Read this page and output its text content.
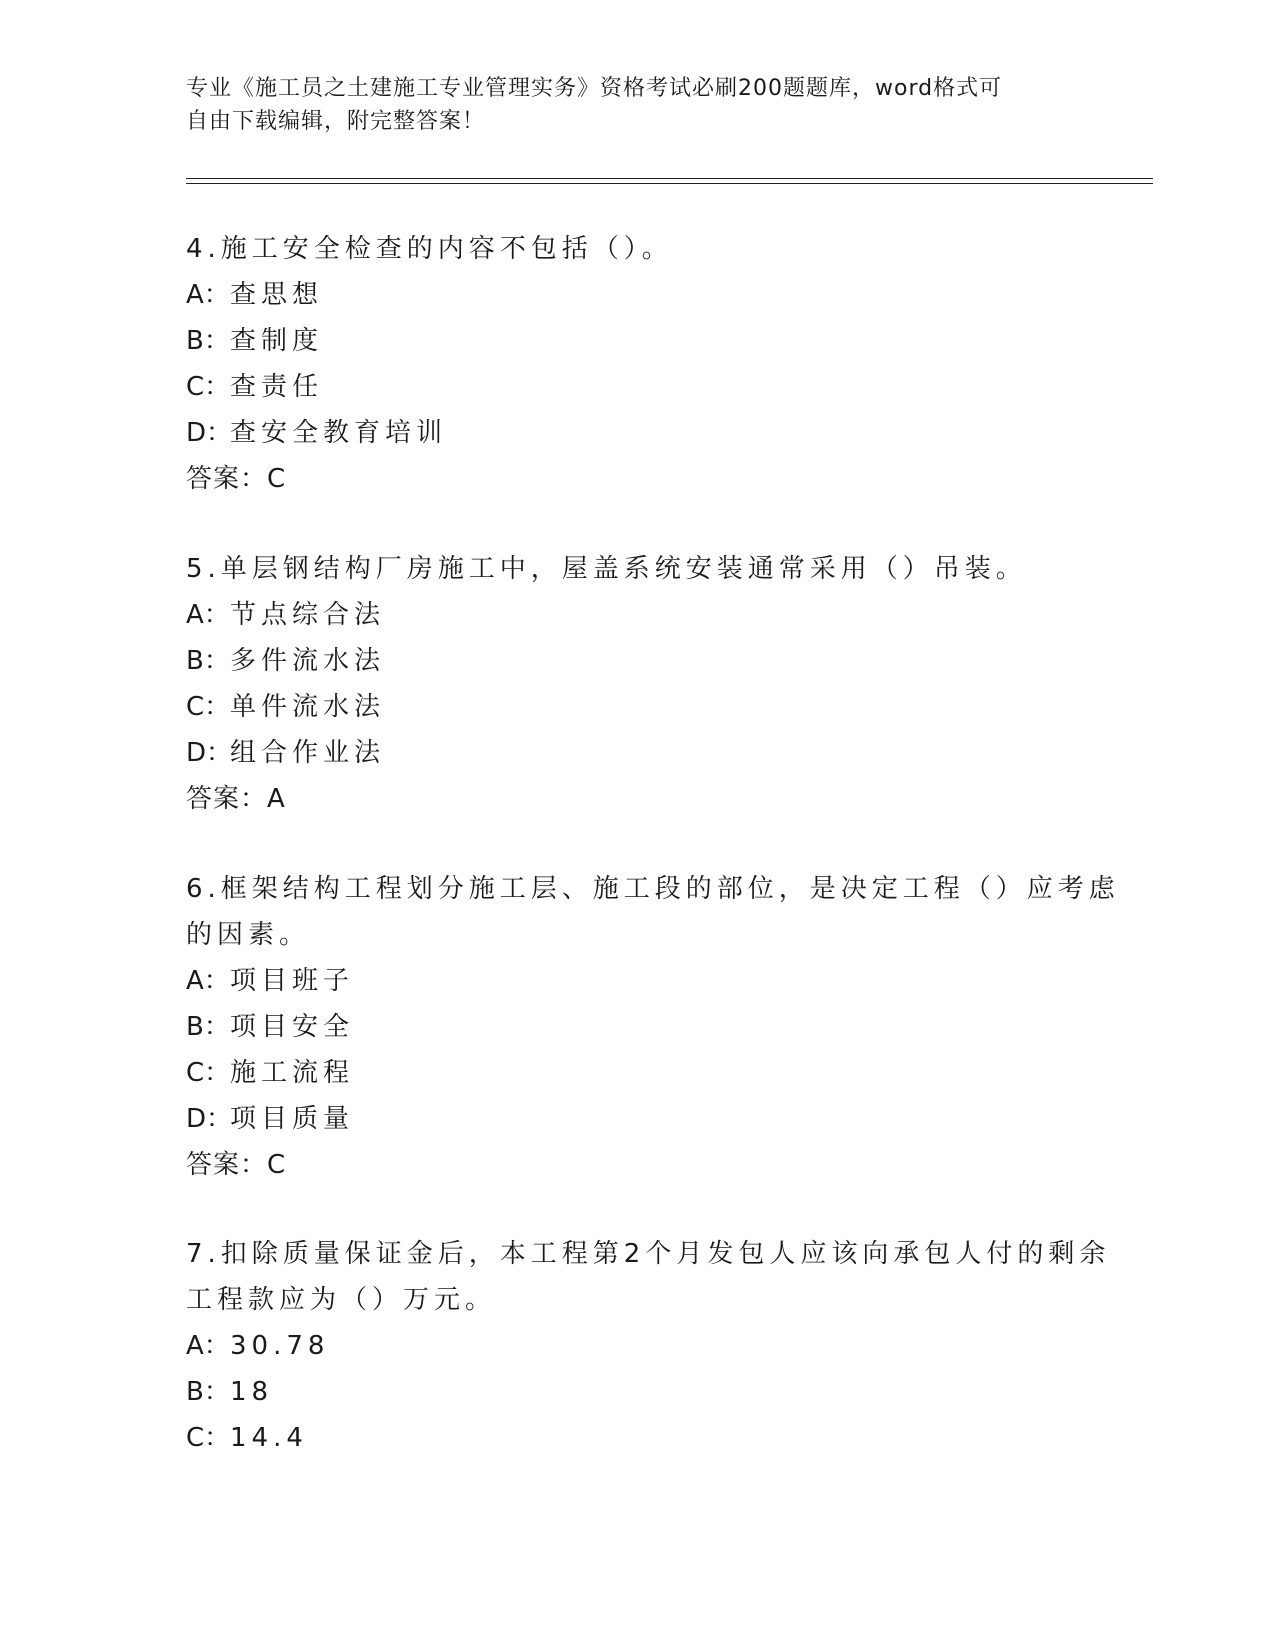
专业《施工员之土建施工专业管理实务》资格考试必刷200题题库，word格式可
自由下载编辑，附完整答案！
4.施工安全检查的内容不包括（）。
A：查思想
B：查制度
C：查责任
D：查安全教育培训
答案：C
5.单层钢结构厂房施工中，屋盖系统安装通常采用（）吊装。
A：节点综合法
B：多件流水法
C：单件流水法
D：组合作业法
答案：A
6.框架结构工程划分施工层、施工段的部位，是决定工程（）应考虑
的因素。
A：项目班子
B：项目安全
C：施工流程
D：项目质量
答案：C
7.扣除质量保证金后，本工程第2个月发包人应该向承包人付的剩余
工程款应为（）万元。
A：30.78
B：18
C：14.4
